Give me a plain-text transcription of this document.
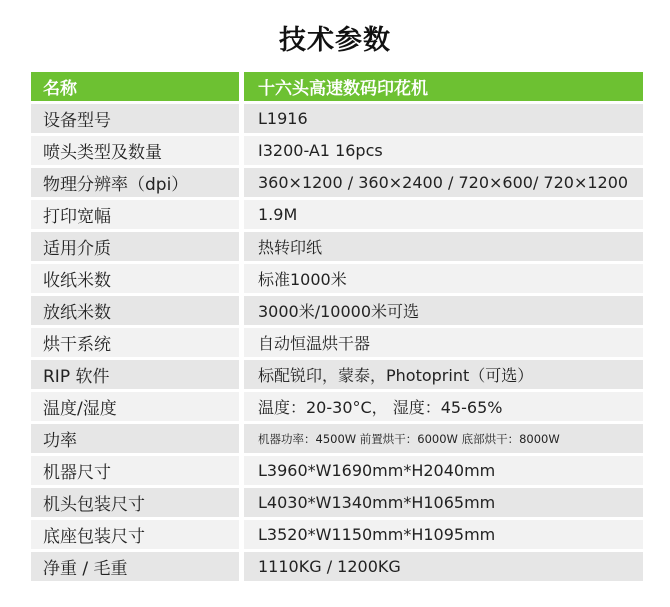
技术参数
名称	十六头高速数码印花机
设备型号	L1916
喷头类型及数量	I3200-A1 16pcs
物理分辨率（dpi）	360×1200 / 360×2400 / 720×600/ 720×1200
打印宽幅	1.9M
适用介质	热转印纸
收纸米数	标准1000米
放纸米数	3000米/10000米可选
烘干系统	自动恒温烘干器
RIP 软件	标配锐印，蒙泰，Photoprint（可选）
温度/湿度	温度：20-30°C， 湿度：45-65%
功率	机器功率：4500W 前置烘干：6000W 底部烘干：8000W
机器尺寸	L3960*W1690mm*H2040mm
机头包装尺寸	L4030*W1340mm*H1065mm
底座包装尺寸	L3520*W1150mm*H1095mm
净重 / 毛重	1110KG / 1200KG
